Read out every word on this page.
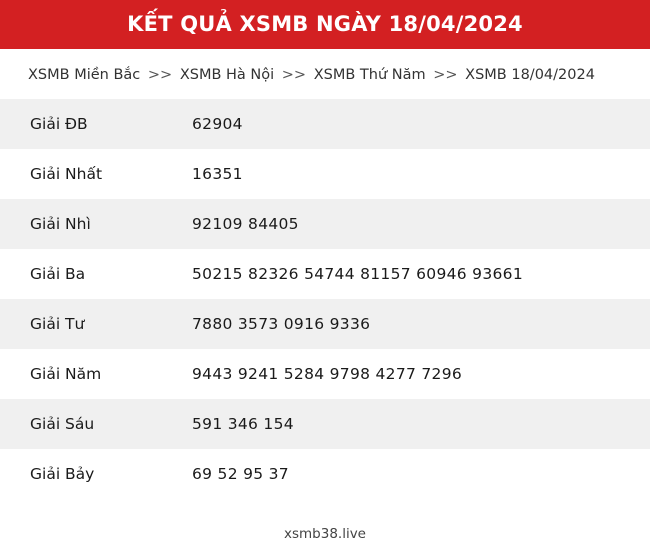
KẾT QUẢ XSMB NGÀY 18/04/2024
XSMB Miền Bắc >> XSMB Hà Nội >> XSMB Thứ Năm >> XSMB 18/04/2024
Giải ĐB	62904
Giải Nhất	16351
Giải Nhì	92109 84405
Giải Ba	50215 82326 54744 81157 60946 93661
Giải Tư	7880 3573 0916 9336
Giải Năm	9443 9241 5284 9798 4277 7296
Giải Sáu	591 346 154
Giải Bảy	69 52 95 37
xsmb38.live
